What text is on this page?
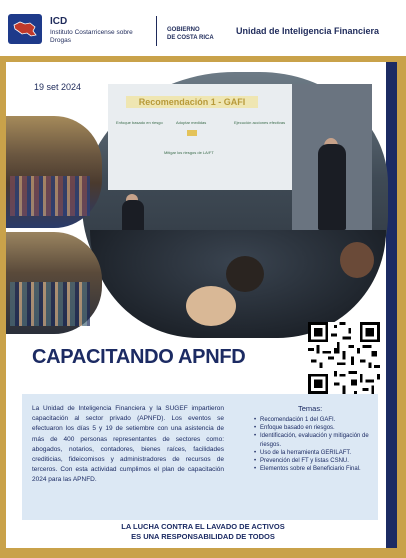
ICD
Instituto Costarricense sobre Drogas
GOBIERNO
DE COSTA RICA
Unidad de Inteligencia Financiera
19 set 2024
Recomendación 1 - GAFI
Enfoque basado en riesgo	Adoptar medidas	Ejecución acciones efectivas
Mitigar los riesgos de LA/FT
CAPACITANDO APNFD
La Unidad de Inteligencia Financiera y la SUGEF impartieron capacitación al sector privado (APNFD). Los eventos se efectuaron los días 5 y 19 de setiembre con una asistencia de más de 400 personas representantes de sectores como: abogados, notarios, contadores, bienes raíces, facilidades crediticias, fideicomisos y administradores de recursos de terceros. Con esta actividad cumplimos el plan de capacitación 2024 para las APNFD.
Temas:
• Recomendación 1 del GAFI.
• Enfoque basado en riesgos.
• Identificación, evaluación y mitigación de riesgos.
• Uso de la herramienta GERILAFT.
• Prevención del FT y listas CSNU.
• Elementos sobre el Beneficiario Final.
LA LUCHA CONTRA EL LAVADO DE ACTIVOS
ES UNA RESPONSABILIDAD DE TODOS
